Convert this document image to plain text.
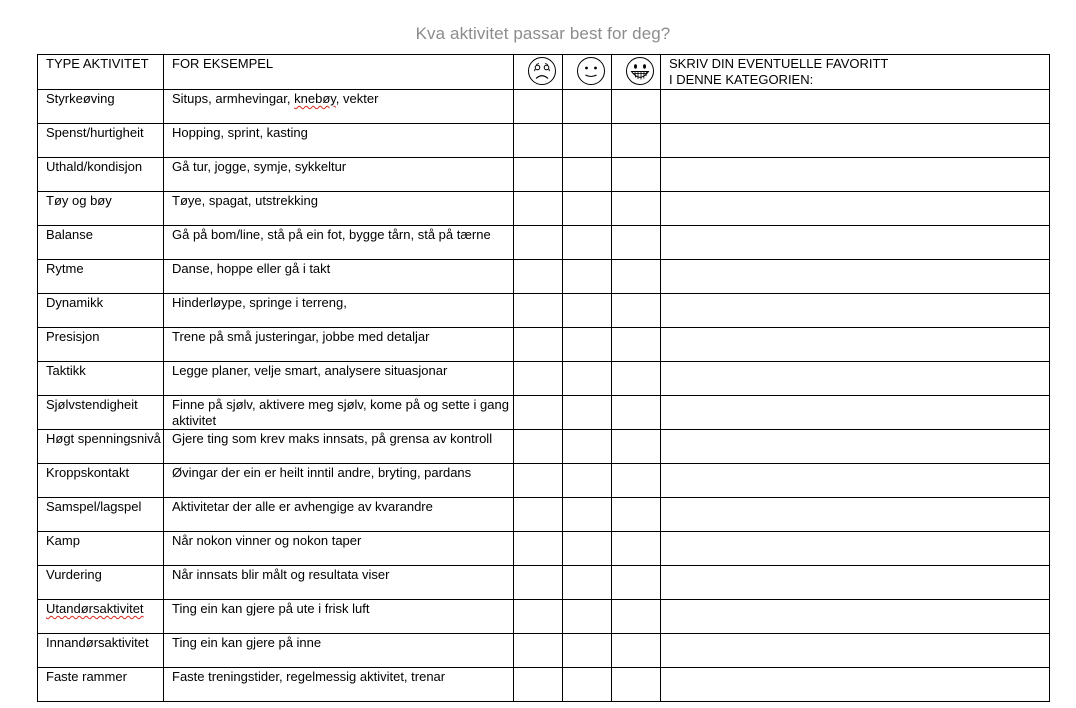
Kva aktivitet passar best for deg?
TYPE AKTIVITET	FOR EKSEMPEL				SKRIV DIN EVENTUELLE FAVORITT
I DENNE KATEGORIEN:
Styrkeøving	Situps, armhevingar, knebøy, vekter				
Spenst/hurtigheit	Hopping, sprint, kasting				
Uthald/kondisjon	Gå tur, jogge, symje, sykkeltur				
Tøy og bøy	Tøye, spagat, utstrekking				
Balanse	Gå på bom/line, stå på ein fot, bygge tårn, stå på tærne				
Rytme	Danse, hoppe eller gå i takt				
Dynamikk	Hinderløype, springe i terreng,				
Presisjon	Trene på små justeringar, jobbe med detaljar				
Taktikk	Legge planer, velje smart, analysere situasjonar				
Sjølvstendigheit	Finne på sjølv, aktivere meg sjølv, kome på og sette i gang aktivitet				
Høgt spenningsnivå	Gjere ting som krev maks innsats, på grensa av kontroll				
Kroppskontakt	Øvingar der ein er heilt inntil andre, bryting, pardans				
Samspel/lagspel	Aktivitetar der alle er avhengige av kvarandre				
Kamp	Når nokon vinner og nokon taper				
Vurdering	Når innsats blir målt og resultata viser				
Utandørsaktivitet	Ting ein kan gjere på ute i frisk luft				
Innandørsaktivitet	Ting ein kan gjere på inne				
Faste rammer	Faste treningstider, regelmessig aktivitet, trenar				
